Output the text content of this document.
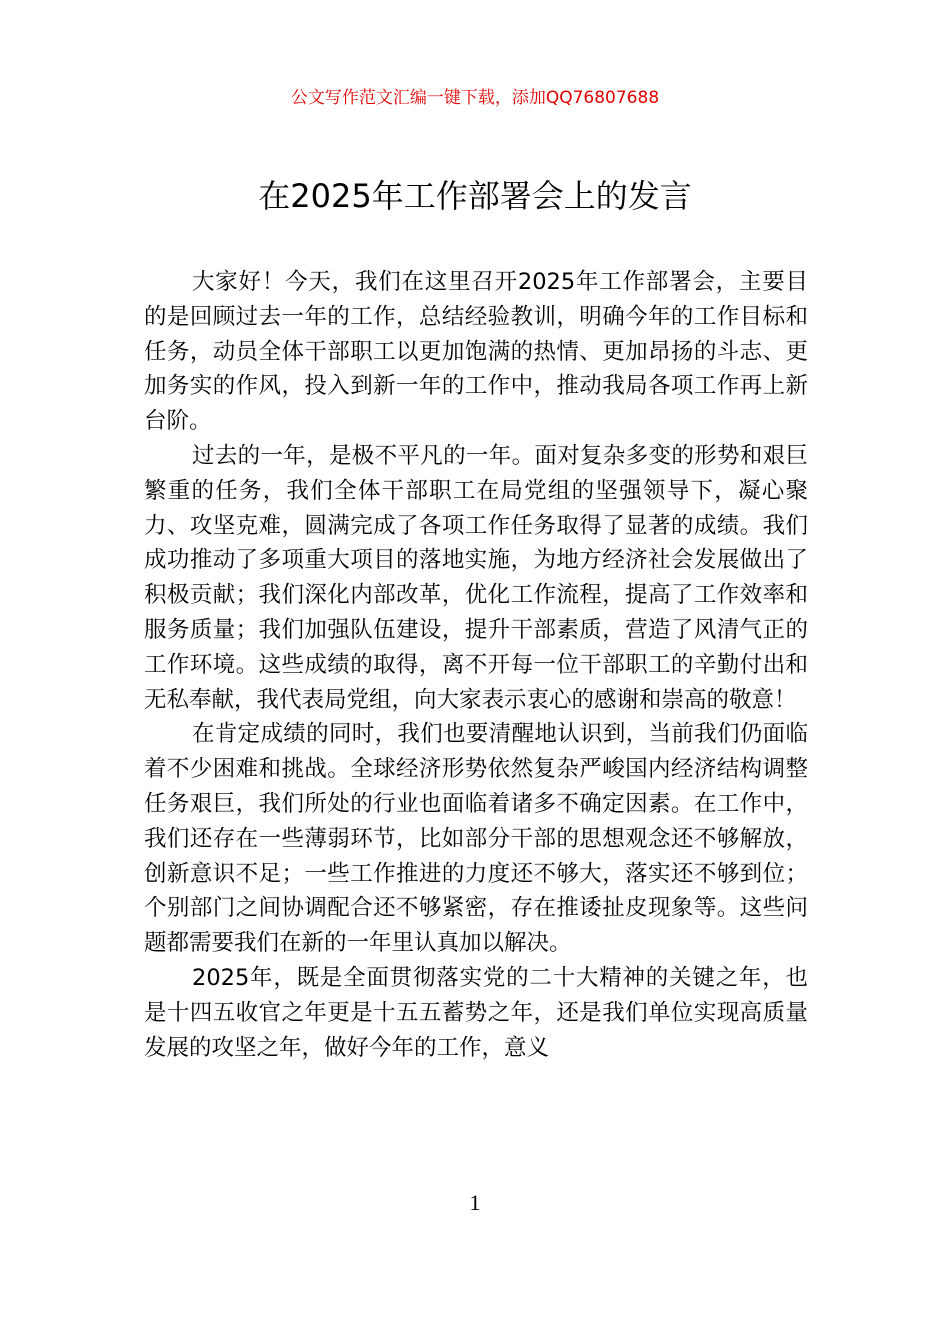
公文写作范文汇编一键下载，添加QQ76807688
在2025年工作部署会上的发言

大家好！今天，我们在这里召开2025年工作部署会，主要目的是回顾过去一年的工作，总结经验教训，明确今年的工作目标和任务，动员全体干部职工以更加饱满的热情、更加昂扬的斗志、更加务实的作风，投入到新一年的工作中，推动我局各项工作再上新台阶。

过去的一年，是极不平凡的一年。面对复杂多变的形势和艰巨繁重的任务，我们全体干部职工在局党组的坚强领导下，凝心聚力、攻坚克难，圆满完成了各项工作任务取得了显著的成绩。我们成功推动了多项重大项目的落地实施，为地方经济社会发展做出了积极贡献；我们深化内部改革，优化工作流程，提高了工作效率和服务质量；我们加强队伍建设，提升干部素质，营造了风清气正的工作环境。这些成绩的取得，离不开每一位干部职工的辛勤付出和无私奉献，我代表局党组，向大家表示衷心的感谢和崇高的敬意！

在肯定成绩的同时，我们也要清醒地认识到，当前我们仍面临着不少困难和挑战。全球经济形势依然复杂严峻国内经济结构调整任务艰巨，我们所处的行业也面临着诸多不确定因素。在工作中，我们还存在一些薄弱环节，比如部分干部的思想观念还不够解放，创新意识不足；一些工作推进的力度还不够大，落实还不够到位；个别部门之间协调配合还不够紧密，存在推诿扯皮现象等。这些问题都需要我们在新的一年里认真加以解决。

2025年，既是全面贯彻落实党的二十大精神的关键之年，也是十四五收官之年更是十五五蓄势之年，还是我们单位实现高质量发展的攻坚之年，做好今年的工作，意义

1
